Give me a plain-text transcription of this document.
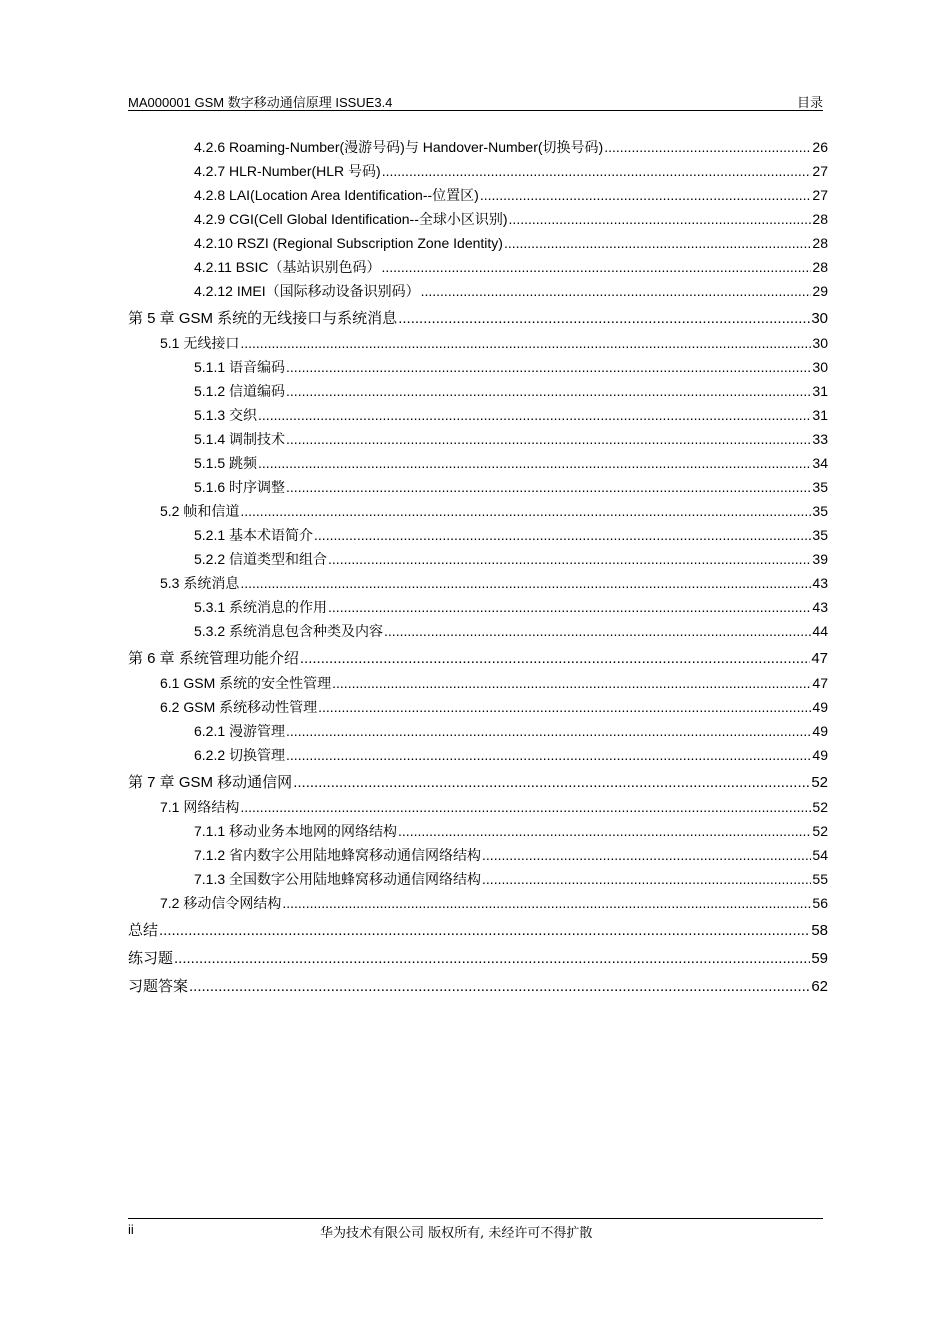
MA000001 GSM 数字移动通信原理 ISSUE3.4	目录
4.2.6 Roaming-Number(漫游号码)与 Handover-Number(切换号码) .....	26
4.2.7 HLR-Number(HLR 号码) .....	27
4.2.8 LAI(Location Area Identification--位置区) .....	27
4.2.9 CGI(Cell Global Identification--全球小区识别) .....	28
4.2.10 RSZI (Regional Subscription Zone Identity) .....	28
4.2.11 BSIC（基站识别色码） .....	28
4.2.12 IMEI（国际移动设备识别码） .....	29
第 5 章 GSM 系统的无线接口与系统消息 .....	30
5.1 无线接口 .....	30
5.1.1 语音编码 .....	30
5.1.2 信道编码 .....	31
5.1.3 交织 .....	31
5.1.4 调制技术 .....	33
5.1.5 跳频 .....	34
5.1.6 时序调整 .....	35
5.2 帧和信道 .....	35
5.2.1 基本术语简介 .....	35
5.2.2 信道类型和组合 .....	39
5.3 系统消息 .....	43
5.3.1 系统消息的作用 .....	43
5.3.2 系统消息包含种类及内容 .....	44
第 6 章 系统管理功能介绍 .....	47
6.1 GSM 系统的安全性管理 .....	47
6.2 GSM 系统移动性管理 .....	49
6.2.1 漫游管理 .....	49
6.2.2 切换管理 .....	49
第 7 章 GSM 移动通信网 .....	52
7.1 网络结构 .....	52
7.1.1 移动业务本地网的网络结构 .....	52
7.1.2 省内数字公用陆地蜂窝移动通信网络结构 .....	54
7.1.3 全国数字公用陆地蜂窝移动通信网络结构 .....	55
7.2 移动信令网结构 .....	56
总结 .....	58
练习题 .....	59
习题答案 .....	62
ii	华为技术有限公司 版权所有, 未经许可不得扩散
